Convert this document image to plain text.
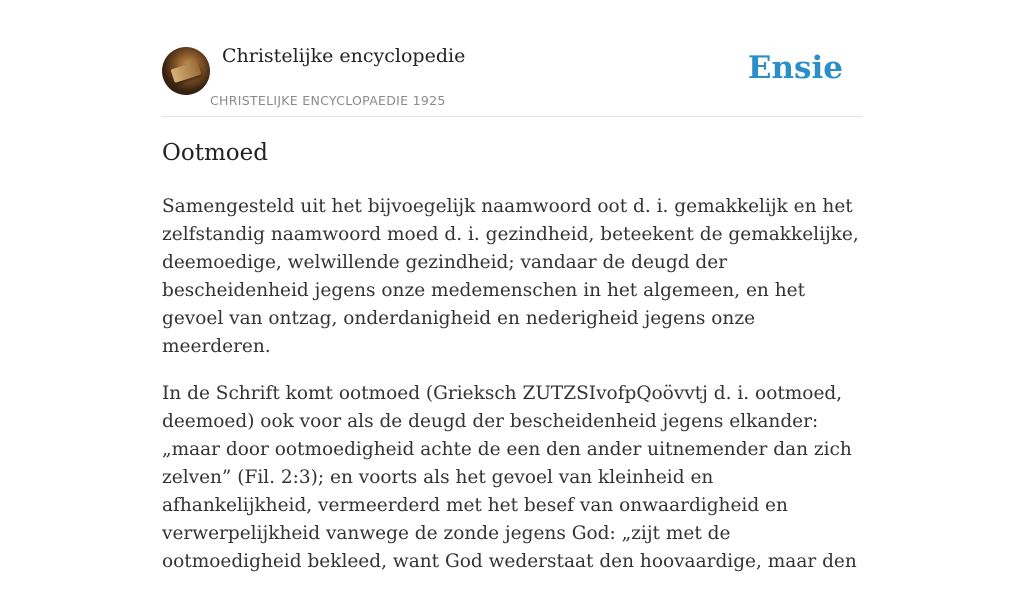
Christelijke encyclopedie
CHRISTELIJKE ENCYCLOPAEDIE 1925
Ensie
Ootmoed

Samengesteld uit het bijvoegelijk naamwoord oot d. i. gemakkelijk en het zelfstandig naamwoord moed d. i. gezindheid, beteekent de gemakkelijke, deemoedige, welwillende gezindheid; vandaar de deugd der bescheidenheid jegens onze medemenschen in het algemeen, en het gevoel van ontzag, onderdanigheid en nederigheid jegens onze meerderen.

In de Schrift komt ootmoed (Grieksch ZUTZSIvofpQoövvtj d. i. ootmoed, deemoed) ook voor als de deugd der bescheidenheid jegens elkander: „maar door ootmoedigheid achte de een den ander uitnemender dan zich zelven” (Fil. 2:3); en voorts als het gevoel van kleinheid en afhankelijkheid, vermeerderd met het besef van onwaardigheid en verwerpelijkheid vanwege de zonde jegens God: „zijt met de ootmoedigheid bekleed, want God wederstaat den hoovaardige, maar den
